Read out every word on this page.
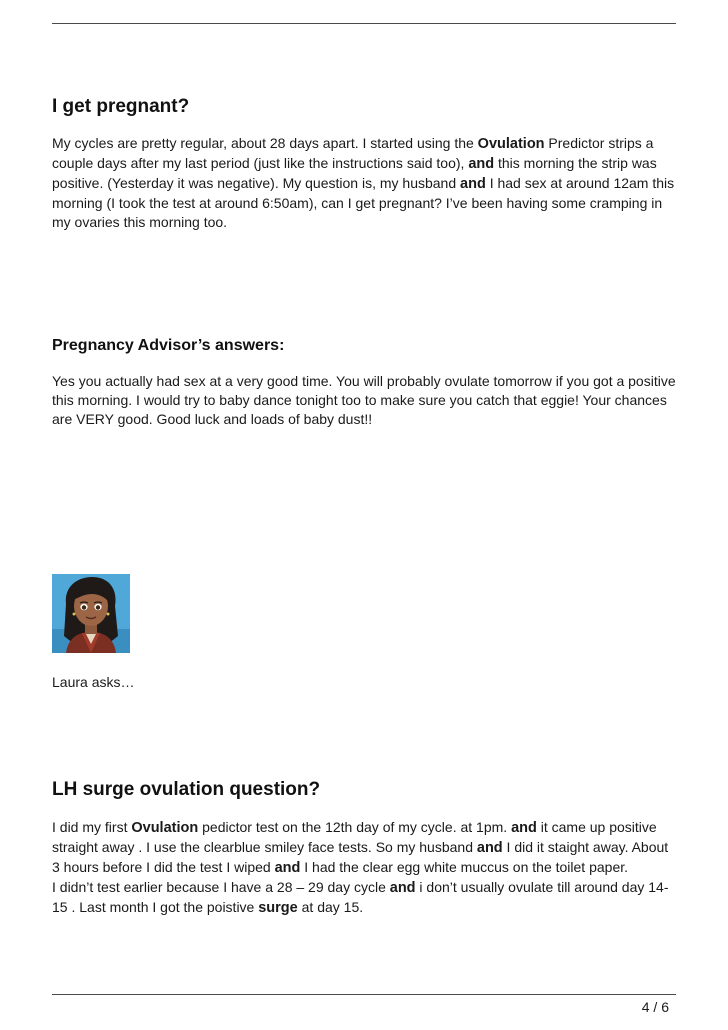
I get pregnant?

My cycles are pretty regular, about 28 days apart. I started using the Ovulation Predictor strips a couple days after my last period (just like the instructions said too), and this morning the strip was positive. (Yesterday it was negative). My question is, my husband and I had sex at around 12am this morning (I took the test at around 6:50am), can I get pregnant? I’ve been having some cramping in my ovaries this morning too.

Pregnancy Advisor’s answers:

Yes you actually had sex at a very good time. You will probably ovulate tomorrow if you got a positive this morning. I would try to baby dance tonight too to make sure you catch that eggie! Your chances are VERY good. Good luck and loads of baby dust!!

Laura asks…

LH surge ovulation question?

I did my first Ovulation pedictor test on the 12th day of my cycle. at 1pm. and it came up positive straight away . I use the clearblue smiley face tests. So my husband and I did it staight away. About 3 hours before I did the test I wiped and I had the clear egg white muccus on the toilet paper.

I didn’t test earlier because I have a 28 – 29 day cycle and i don’t usually ovulate till around day 14-15 . Last month I got the poistive surge at day 15.

4 / 6
